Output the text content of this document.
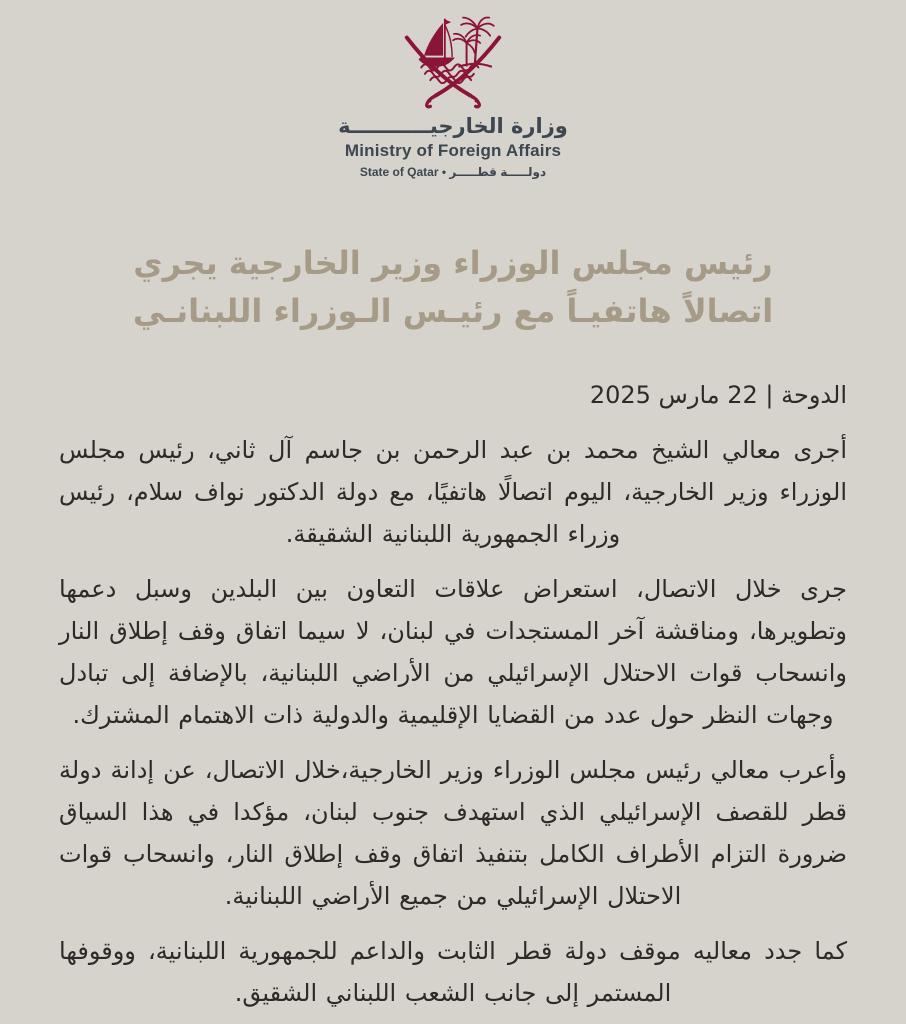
وزارة الخارجيـــــــــــة
Ministry of Foreign Affairs
State of Qatar • دولـــــة قطـــــر
رئيس مجلس الوزراء وزير الخارجية يجري
اتصالاً هاتفيـاً مع رئيـس الـوزراء اللبنانـي
الدوحة | 22 مارس 2025

أجرى معالي الشيخ محمد بن عبد الرحمن بن جاسم آل ثاني، رئيس مجلس الوزراء وزير الخارجية، اليوم اتصالًا هاتفيًا، مع دولة الدكتور نواف سلام، رئيس وزراء الجمهورية اللبنانية الشقيقة.

جرى خلال الاتصال، استعراض علاقات التعاون بين البلدين وسبل دعمها وتطويرها، ومناقشة آخر المستجدات في لبنان، لا سيما اتفاق وقف إطلاق النار وانسحاب قوات الاحتلال الإسرائيلي من الأراضي اللبنانية، بالإضافة إلى تبادل وجهات النظر حول عدد من القضايا الإقليمية والدولية ذات الاهتمام المشترك.

وأعرب معالي رئيس مجلس الوزراء وزير الخارجية،خلال الاتصال، عن إدانة دولة قطر للقصف الإسرائيلي الذي استهدف جنوب لبنان، مؤكدا في هذا السياق ضرورة التزام الأطراف الكامل بتنفيذ اتفاق وقف إطلاق النار، وانسحاب قوات الاحتلال الإسرائيلي من جميع الأراضي اللبنانية.

كما جدد معاليه موقف دولة قطر الثابت والداعم للجمهورية اللبنانية، ووقوفها المستمر إلى جانب الشعب اللبناني الشقيق.
